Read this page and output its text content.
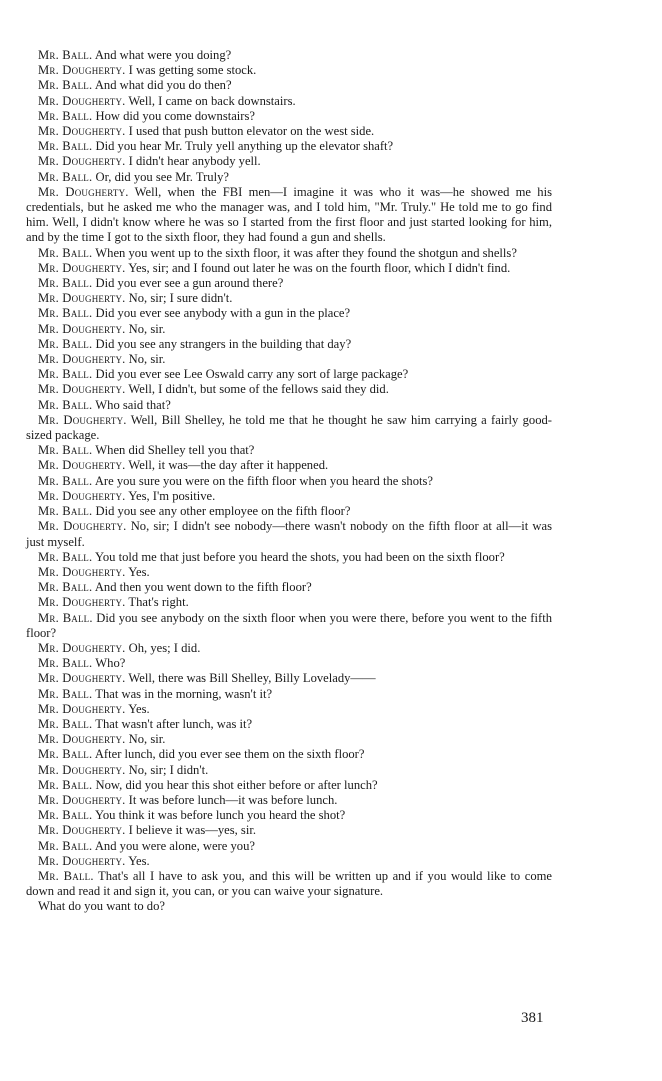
Mr. Ball. And what were you doing?

Mr. Dougherty. I was getting some stock.

Mr. Ball. And what did you do then?

Mr. Dougherty. Well, I came on back downstairs.

Mr. Ball. How did you come downstairs?

Mr. Dougherty. I used that push button elevator on the west side.

Mr. Ball. Did you hear Mr. Truly yell anything up the elevator shaft?

Mr. Dougherty. I didn't hear anybody yell.

Mr. Ball. Or, did you see Mr. Truly?

Mr. Dougherty. Well, when the FBI men—I imagine it was who it was—he showed me his credentials, but he asked me who the manager was, and I told him, "Mr. Truly." He told me to go find him. Well, I didn't know where he was so I started from the first floor and just started looking for him, and by the time I got to the sixth floor, they had found a gun and shells.

Mr. Ball. When you went up to the sixth floor, it was after they found the shotgun and shells?

Mr. Dougherty. Yes, sir; and I found out later he was on the fourth floor, which I didn't find.

Mr. Ball. Did you ever see a gun around there?

Mr. Dougherty. No, sir; I sure didn't.

Mr. Ball. Did you ever see anybody with a gun in the place?

Mr. Dougherty. No, sir.

Mr. Ball. Did you see any strangers in the building that day?

Mr. Dougherty. No, sir.

Mr. Ball. Did you ever see Lee Oswald carry any sort of large package?

Mr. Dougherty. Well, I didn't, but some of the fellows said they did.

Mr. Ball. Who said that?

Mr. Dougherty. Well, Bill Shelley, he told me that he thought he saw him carrying a fairly good-sized package.

Mr. Ball. When did Shelley tell you that?

Mr. Dougherty. Well, it was—the day after it happened.

Mr. Ball. Are you sure you were on the fifth floor when you heard the shots?

Mr. Dougherty. Yes, I'm positive.

Mr. Ball. Did you see any other employee on the fifth floor?

Mr. Dougherty. No, sir; I didn't see nobody—there wasn't nobody on the fifth floor at all—it was just myself.

Mr. Ball. You told me that just before you heard the shots, you had been on the sixth floor?

Mr. Dougherty. Yes.

Mr. Ball. And then you went down to the fifth floor?

Mr. Dougherty. That's right.

Mr. Ball. Did you see anybody on the sixth floor when you were there, before you went to the fifth floor?

Mr. Dougherty. Oh, yes; I did.

Mr. Ball. Who?

Mr. Dougherty. Well, there was Bill Shelley, Billy Lovelady——

Mr. Ball. That was in the morning, wasn't it?

Mr. Dougherty. Yes.

Mr. Ball. That wasn't after lunch, was it?

Mr. Dougherty. No, sir.

Mr. Ball. After lunch, did you ever see them on the sixth floor?

Mr. Dougherty. No, sir; I didn't.

Mr. Ball. Now, did you hear this shot either before or after lunch?

Mr. Dougherty. It was before lunch—it was before lunch.

Mr. Ball. You think it was before lunch you heard the shot?

Mr. Dougherty. I believe it was—yes, sir.

Mr. Ball. And you were alone, were you?

Mr. Dougherty. Yes.

Mr. Ball. That's all I have to ask you, and this will be written up and if you would like to come down and read it and sign it, you can, or you can waive your signature.

What do you want to do?

381
